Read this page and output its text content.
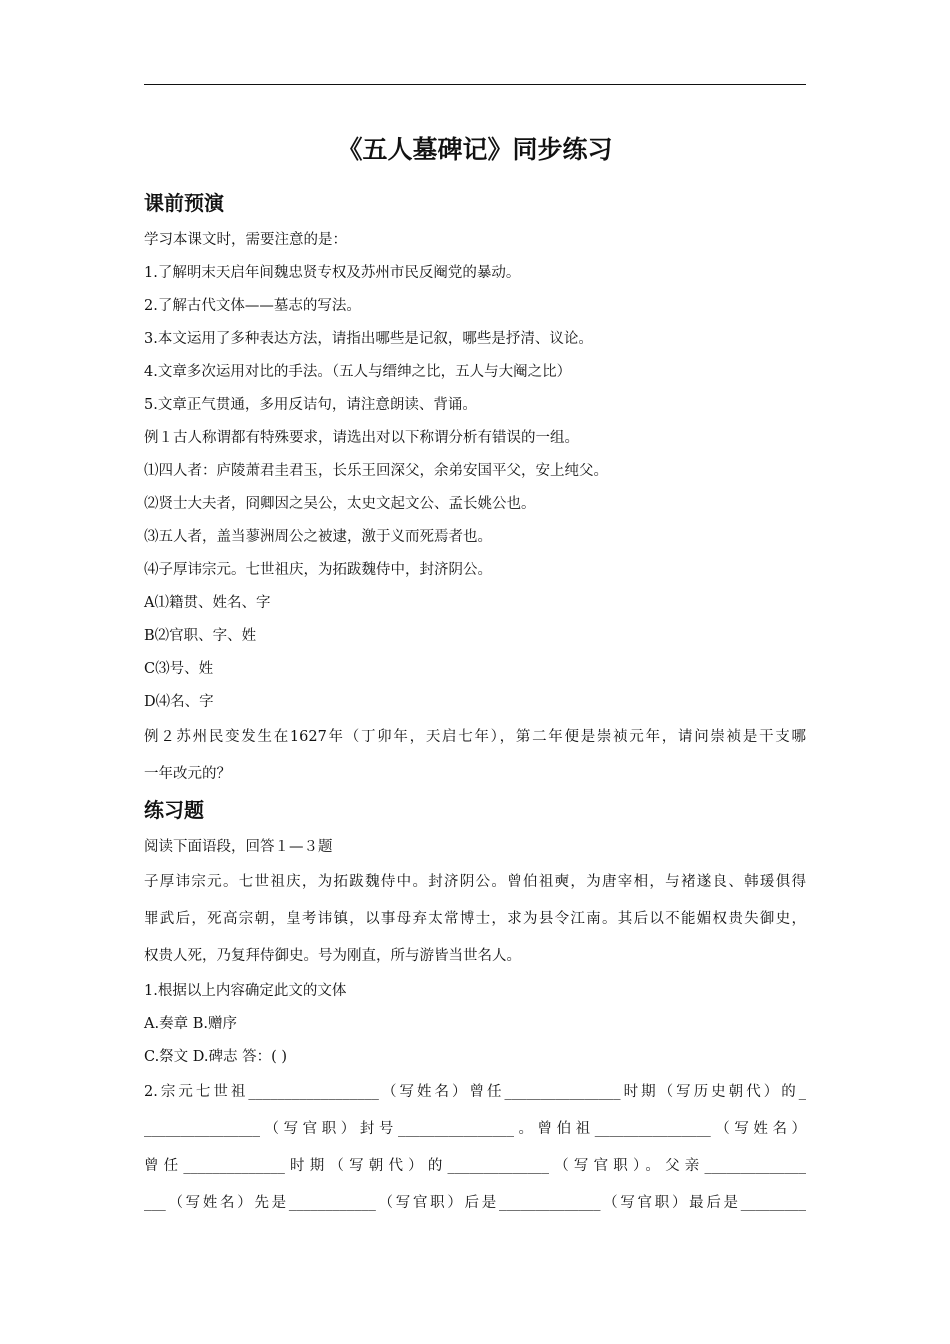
《五人墓碑记》同步练习
课前预演

学习本课文时，需要注意的是：

1.了解明末天启年间魏忠贤专权及苏州市民反阉党的暴动。

2.了解古代文体——墓志的写法。

3.本文运用了多种表达方法，请指出哪些是记叙，哪些是抒清、议论。

4.文章多次运用对比的手法。（五人与缙绅之比，五人与大阉之比）

5.文章正气贯通，多用反诘句，请注意朗读、背诵。

例１古人称谓都有特殊要求，请选出对以下称谓分析有错误的一组。

⑴四人者：庐陵萧君圭君玉，长乐王回深父，余弟安国平父，安上纯父。

⑵贤士大夫者，冏卿因之吴公，太史文起文公、孟长姚公也。

⑶五人者，盖当蓼洲周公之被逮，激于义而死焉者也。

⑷子厚讳宗元。七世祖庆，为拓跋魏侍中，封济阴公。

A⑴籍贯、姓名、字

B⑵官职、字、姓

C⑶号、姓

D⑷名、字

例２苏州民变发生在1627年（丁卯年，天启七年），第二年便是崇祯元年，请问崇祯是干支哪

一年改元的？

练习题

阅读下面语段，回答１—３题

子厚讳宗元。七世祖庆，为拓跋魏侍中。封济阴公。曾伯祖奭，为唐宰相，与褚遂良、韩瑗俱得

罪武后，死高宗朝，皇考讳镇，以事母弃太常博士，求为县令江南。其后以不能媚权贵失御史，

权贵人死，乃复拜侍御史。号为刚直，所与游皆当世名人。

1.根据以上内容确定此文的文体

A.奏章 B.赠序

C.祭文 D.碑志 答：( )

2.宗元七世祖__________________（写姓名）曾任________________时期（写历史朝代）的_

________________（写官职）封号________________。曾伯祖________________（写姓名）

曾任______________时期（写朝代）的______________（写官职）。父亲______________

___（写姓名）先是____________（写官职）后是______________（写官职）最后是_________
